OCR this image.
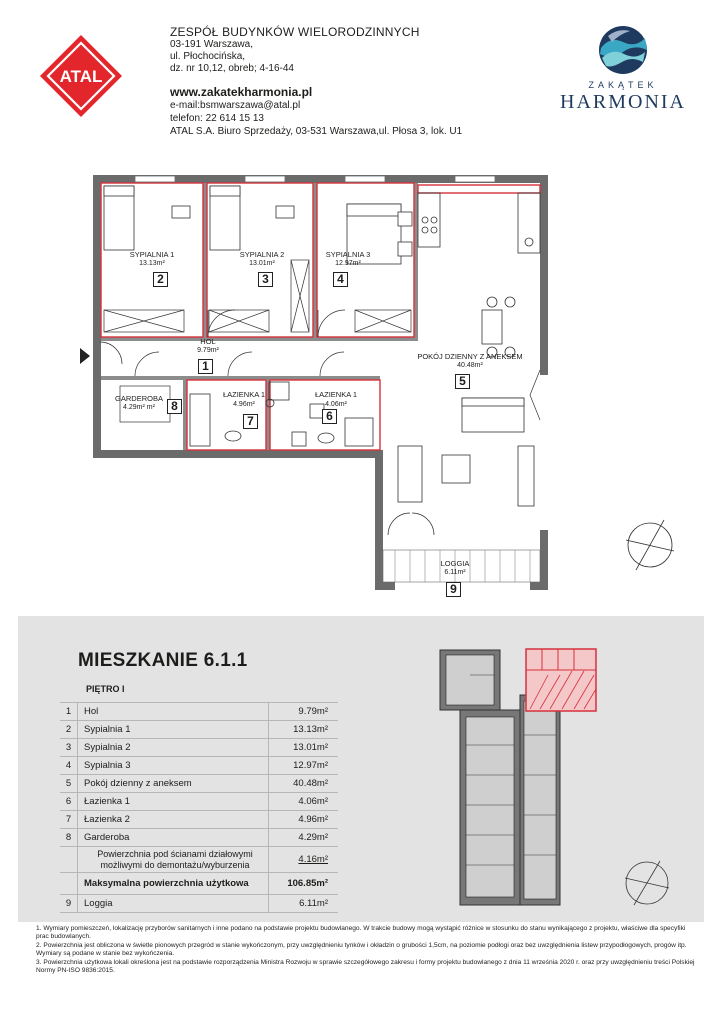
ATAL
ZESPÓŁ BUDYNKÓW WIELORODZINNYCH
03-191 Warszawa,
ul. Płochocińska,
dz. nr 10,12, obreb; 4-16-44
www.zakatekharmonia.pl
e-mail:bsmwarszawa@atal.pl
telefon: 22 614 15 13
ATAL S.A. Biuro Sprzedaży, 03-531 Warszawa,ul. Płosa 3, lok. U1
ZAKĄTEK
HARMONIA
SYPIALNIA 1
13.13m²
2
SYPIALNIA 2
13.01m²
3
SYPIALNIA 3
12.97m²
4
HOL
9.79m²
1
POKÓJ DZIENNY Z ANEKSEM
40.48m²
5
GARDEROBA
4.29m² m²	8
ŁAZIENKA 1
4.96m²
7
ŁAZIENKA 1
4.06m²
6
LOGGIA
6.11m²
9
MIESZKANIE 6.1.1
PIĘTRO I
1	Hol	9.79m²
2	Sypialnia 1	13.13m²
3	Sypialnia 2	13.01m²
4	Sypialnia 3	12.97m²
5	Pokój dzienny z aneksem	40.48m²
6	Łazienka 1	4.06m²
7	Łazienka 2	4.96m²
8	Garderoba	4.29m²
Powierzchnia pod ścianami działowymi możliwymi do demontażu/wyburzenia	4.16m²
Maksymalna powierzchnia użytkowa	106.85m²
9	Loggia	6.11m²

1. Wymiary pomieszczeń, lokalizację przyborów sanitarnych i inne podano na podstawie projektu budowlanego. W trakcie budowy mogą wystąpić różnice w stosunku do stanu wynikającego z projektu, właściwe dla specyfiki prac budowlanych.

2. Powierzchnia jest obliczona w świetle pionowych przegród w stanie wykończonym, przy uwzględnieniu tynków i okładzin o grubości 1,5cm, na poziomie podłogi oraz bez uwzględnienia listew przypodłogowych, progów itp. Wymiary są podane w stanie bez wykończenia.

3. Powierzchnia użytkowa lokali określona jest na podstawie rozporządzenia Ministra Rozwoju w sprawie szczegółowego zakresu i formy projektu budowlanego z dnia 11 września 2020 r. oraz przy uwzględnieniu treści Polskiej Normy PN-ISO 9836:2015.
